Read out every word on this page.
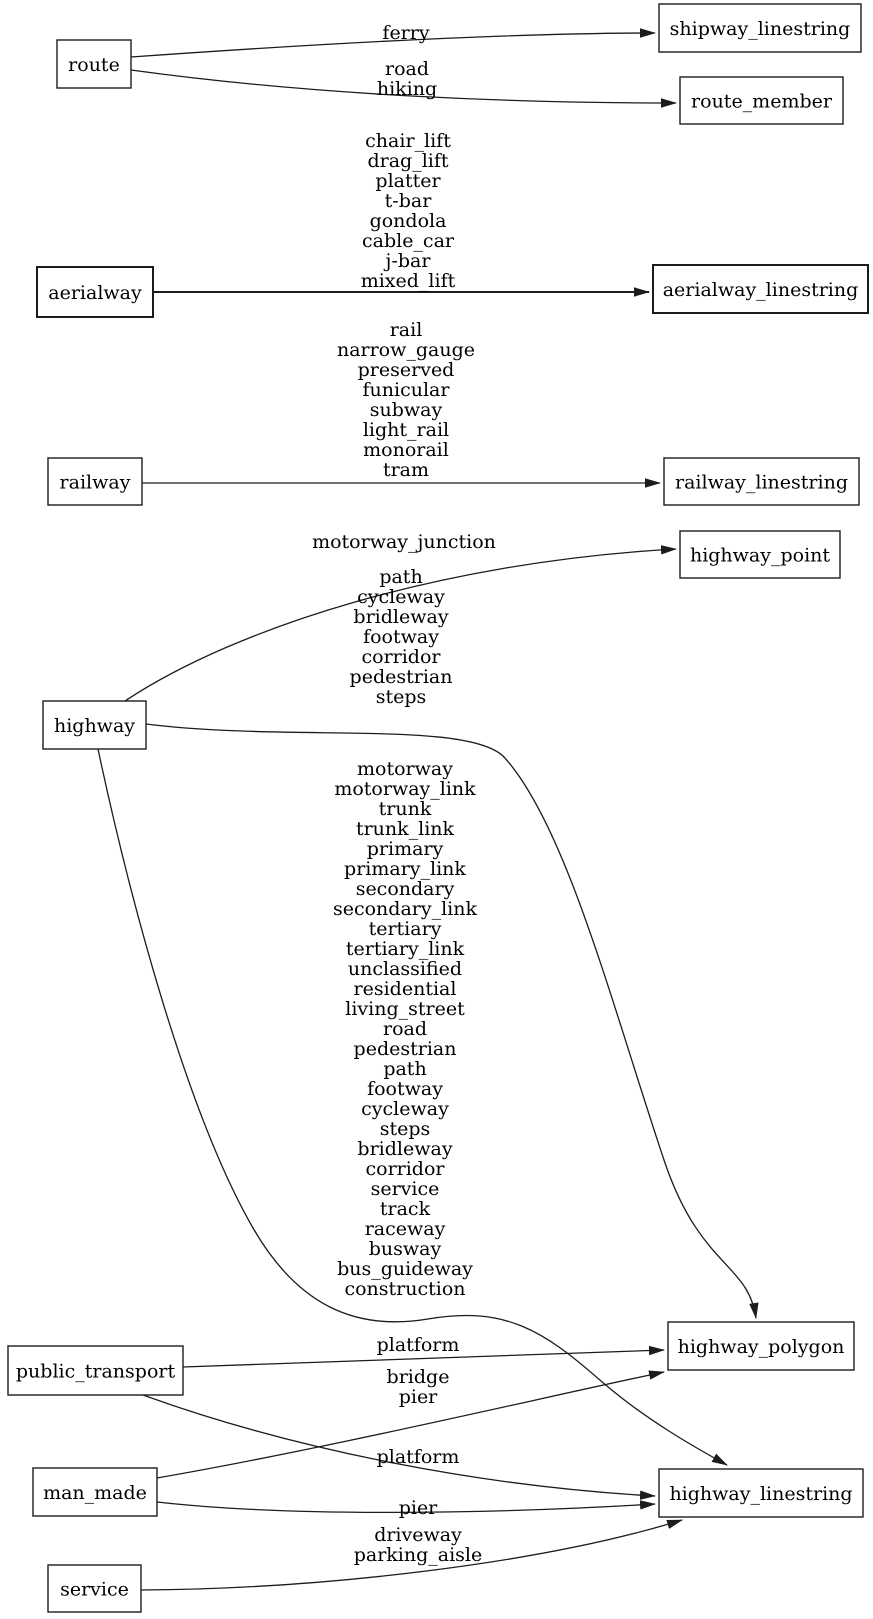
ferry
road
hiking
chair_lift
drag_lift
platter
t-bar
gondola
cable_car
j-bar
mixed_lift
rail
narrow_gauge
preserved
funicular
subway
light_rail
monorail
tram
motorway_junction
path
cycleway
bridleway
footway
corridor
pedestrian
steps
motorway
motorway_link
trunk
trunk_link
primary
primary_link
secondary
secondary_link
tertiary
tertiary_link
unclassified
residential
living_street
road
pedestrian
path
footway
cycleway
steps
bridleway
corridor
service
track
raceway
busway
bus_guideway
construction
platform
bridge
pier
platform
pier
driveway
parking_aisle
route
shipway_linestring
route_member
aerialway	aerialway_linestring
railway	railway_linestring
highway
highway_point
highway_polygon
public_transport
man_made	highway_linestring
service
